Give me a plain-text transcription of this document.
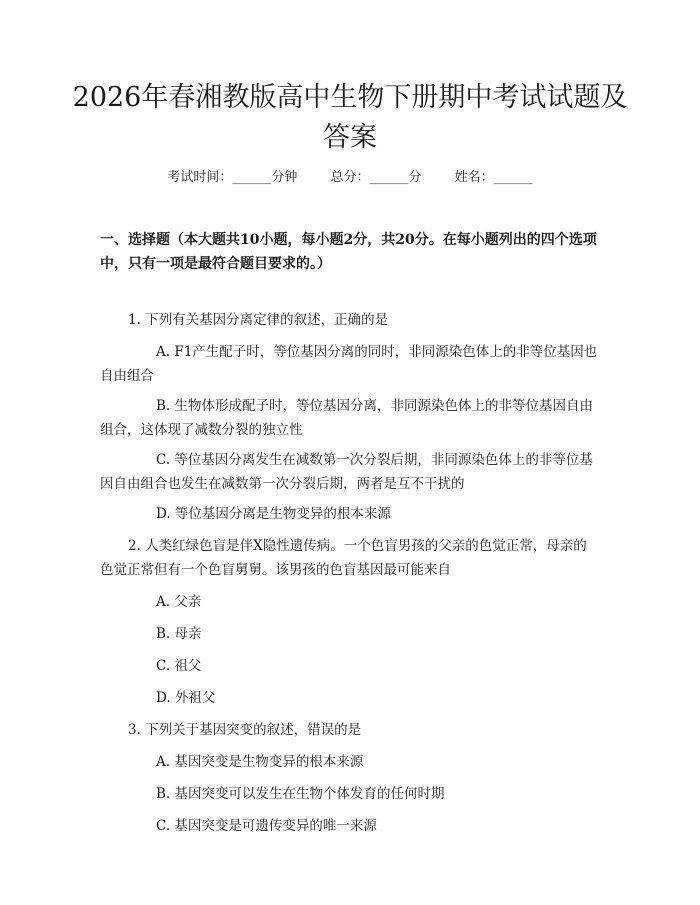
2026年春湘教版高中生物下册期中考试试题及答案
考试时间：______分钟	总分：______分	姓名：______
一、选择题（本大题共10小题，每小题2分，共20分。在每小题列出的四个选项中，只有一项是最符合题目要求的。）
1. 下列有关基因分离定律的叙述，正确的是
A. F1产生配子时，等位基因分离的同时，非同源染色体上的非等位基因也自由组合
B. 生物体形成配子时，等位基因分离，非同源染色体上的非等位基因自由组合，这体现了减数分裂的独立性
C. 等位基因分离发生在减数第一次分裂后期，非同源染色体上的非等位基因自由组合也发生在减数第一次分裂后期，两者是互不干扰的
D. 等位基因分离是生物变异的根本来源
2. 人类红绿色盲是伴X隐性遗传病。一个色盲男孩的父亲的色觉正常，母亲的色觉正常但有一个色盲舅舅。该男孩的色盲基因最可能来自
A. 父亲
B. 母亲
C. 祖父
D. 外祖父
3. 下列关于基因突变的叙述，错误的是
A. 基因突变是生物变异的根本来源
B. 基因突变可以发生在生物个体发育的任何时期
C. 基因突变是可遗传变异的唯一来源
